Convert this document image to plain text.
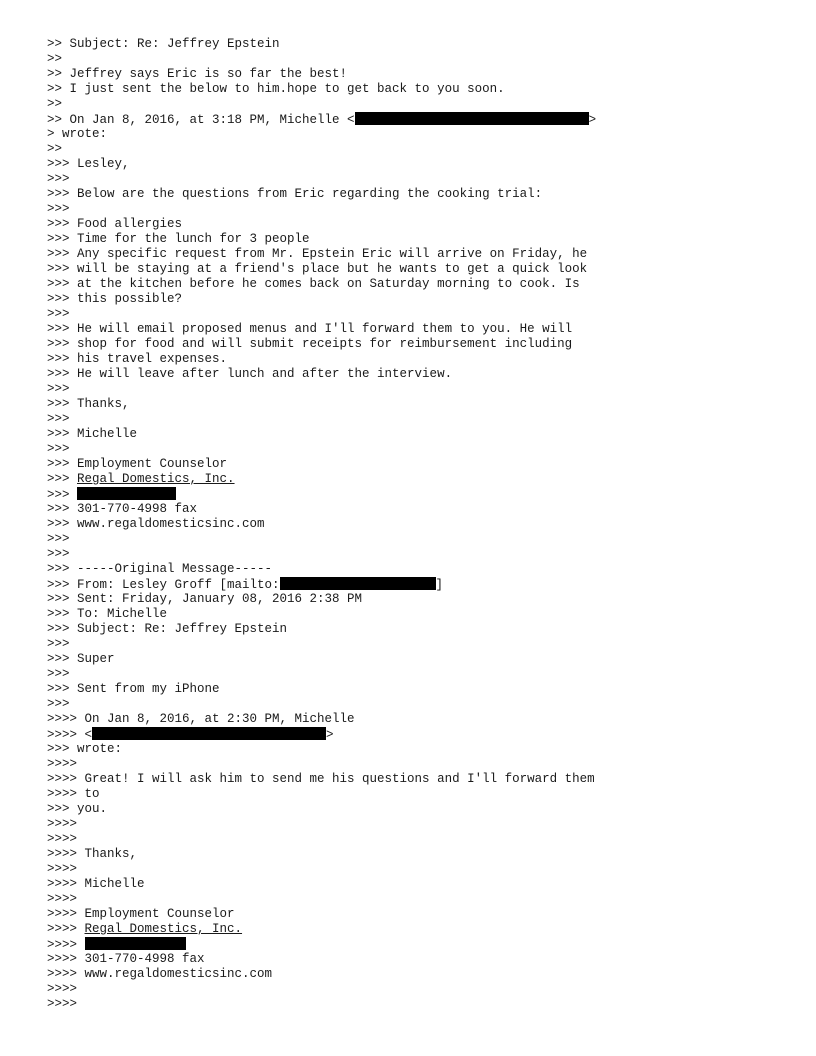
>> Subject: Re: Jeffrey Epstein
>>
>> Jeffrey says Eric is so far the best!
>> I just sent the below to him.hope to get back to you soon.
>>
>> On Jan 8, 2016, at 3:18 PM, Michelle <	>
> wrote:
>>
>>> Lesley,
>>>
>>> Below are the questions from Eric regarding the cooking trial:
>>>
>>> Food allergies
>>> Time for the lunch for 3 people
>>> Any specific request from Mr. Epstein Eric will arrive on Friday, he
>>> will be staying at a friend's place but he wants to get a quick look
>>> at the kitchen before he comes back on Saturday morning to cook. Is
>>> this possible?
>>>
>>> He will email proposed menus and I'll forward them to you. He will
>>> shop for food and will submit receipts for reimbursement including
>>> his travel expenses.
>>> He will leave after lunch and after the interview.
>>>
>>> Thanks,
>>>
>>> Michelle
>>>
>>> Employment Counselor
>>> Regal Domestics, Inc.
>>>
>>> 301-770-4998 fax
>>> www.regaldomesticsinc.com
>>>
>>>
>>> -----Original Message-----
>>> From: Lesley Groff [mailto:	]
>>> Sent: Friday, January 08, 2016 2:38 PM
>>> To: Michelle
>>> Subject: Re: Jeffrey Epstein
>>>
>>> Super
>>>
>>> Sent from my iPhone
>>>
>>>> On Jan 8, 2016, at 2:30 PM, Michelle
>>>> <	>
>>> wrote:
>>>>
>>>> Great! I will ask him to send me his questions and I'll forward them
>>>> to
>>> you.
>>>>
>>>>
>>>> Thanks,
>>>>
>>>> Michelle
>>>>
>>>> Employment Counselor
>>>> Regal Domestics, Inc.
>>>>
>>>> 301-770-4998 fax
>>>> www.regaldomesticsinc.com
>>>>
>>>>
